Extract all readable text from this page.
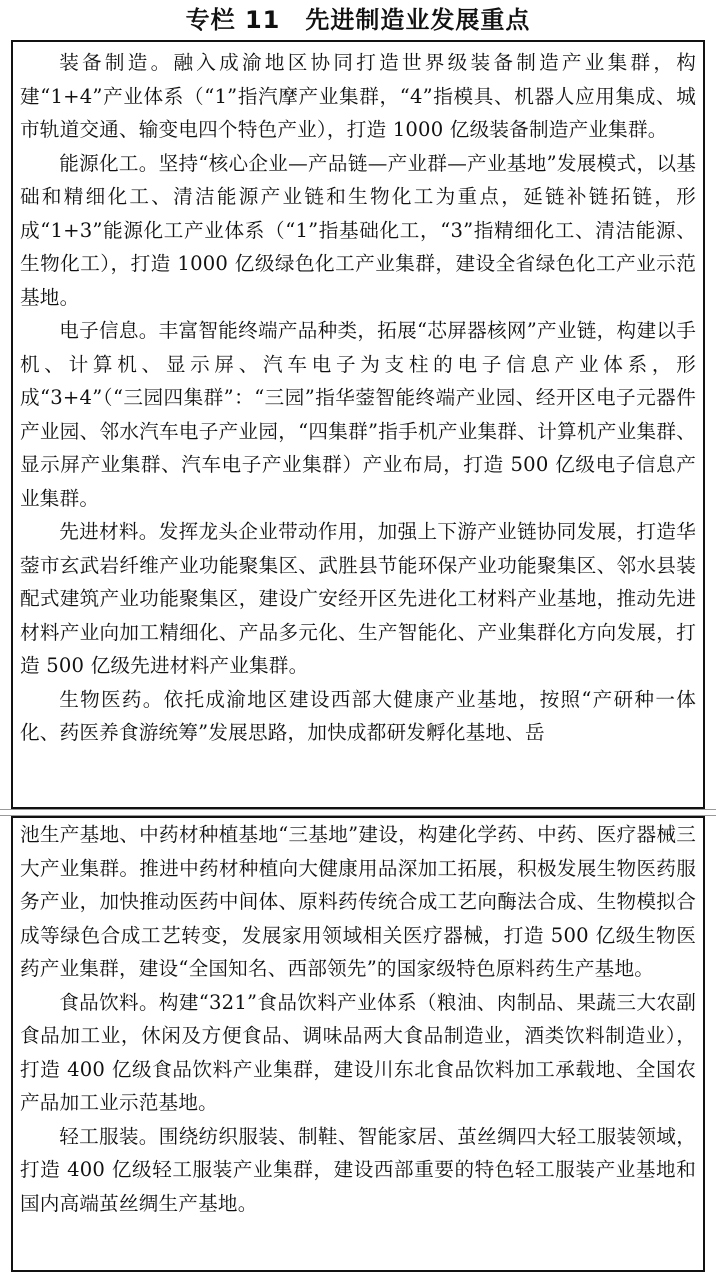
专栏 11　先进制造业发展重点

装备制造。融入成渝地区协同打造世界级装备制造产业集群，构建“1+4”产业体系（“1”指汽摩产业集群，“4”指模具、机器人应用集成、城市轨道交通、输变电四个特色产业），打造 1000 亿级装备制造产业集群。

能源化工。坚持“核心企业—产品链—产业群—产业基地”发展模式，以基础和精细化工、清洁能源产业链和生物化工为重点，延链补链拓链，形成“1+3”能源化工产业体系（“1”指基础化工，“3”指精细化工、清洁能源、生物化工），打造 1000 亿级绿色化工产业集群，建设全省绿色化工产业示范基地。

电子信息。丰富智能终端产品种类，拓展“芯屏器核网”产业链，构建以手机、计算机、显示屏、汽车电子为支柱的电子信息产业体系，形成“3+4”（“三园四集群”：“三园”指华蓥智能终端产业园、经开区电子元器件产业园、邻水汽车电子产业园，“四集群”指手机产业集群、计算机产业集群、显示屏产业集群、汽车电子产业集群）产业布局，打造 500 亿级电子信息产业集群。

先进材料。发挥龙头企业带动作用，加强上下游产业链协同发展，打造华蓥市玄武岩纤维产业功能聚集区、武胜县节能环保产业功能聚集区、邻水县装配式建筑产业功能聚集区，建设广安经开区先进化工材料产业基地，推动先进材料产业向加工精细化、产品多元化、生产智能化、产业集群化方向发展，打造 500 亿级先进材料产业集群。

生物医药。依托成渝地区建设西部大健康产业基地，按照“产研种一体化、药医养食游统筹”发展思路，加快成都研发孵化基地、岳

池生产基地、中药材种植基地“三基地”建设，构建化学药、中药、医疗器械三大产业集群。推进中药材种植向大健康用品深加工拓展，积极发展生物医药服务产业，加快推动医药中间体、原料药传统合成工艺向酶法合成、生物模拟合成等绿色合成工艺转变，发展家用领域相关医疗器械，打造 500 亿级生物医药产业集群，建设“全国知名、西部领先”的国家级特色原料药生产基地。

食品饮料。构建“321”食品饮料产业体系（粮油、肉制品、果蔬三大农副食品加工业，休闲及方便食品、调味品两大食品制造业，酒类饮料制造业），打造 400 亿级食品饮料产业集群，建设川东北食品饮料加工承载地、全国农产品加工业示范基地。

轻工服装。围绕纺织服装、制鞋、智能家居、茧丝绸四大轻工服装领域，打造 400 亿级轻工服装产业集群，建设西部重要的特色轻工服装产业基地和国内高端茧丝绸生产基地。
